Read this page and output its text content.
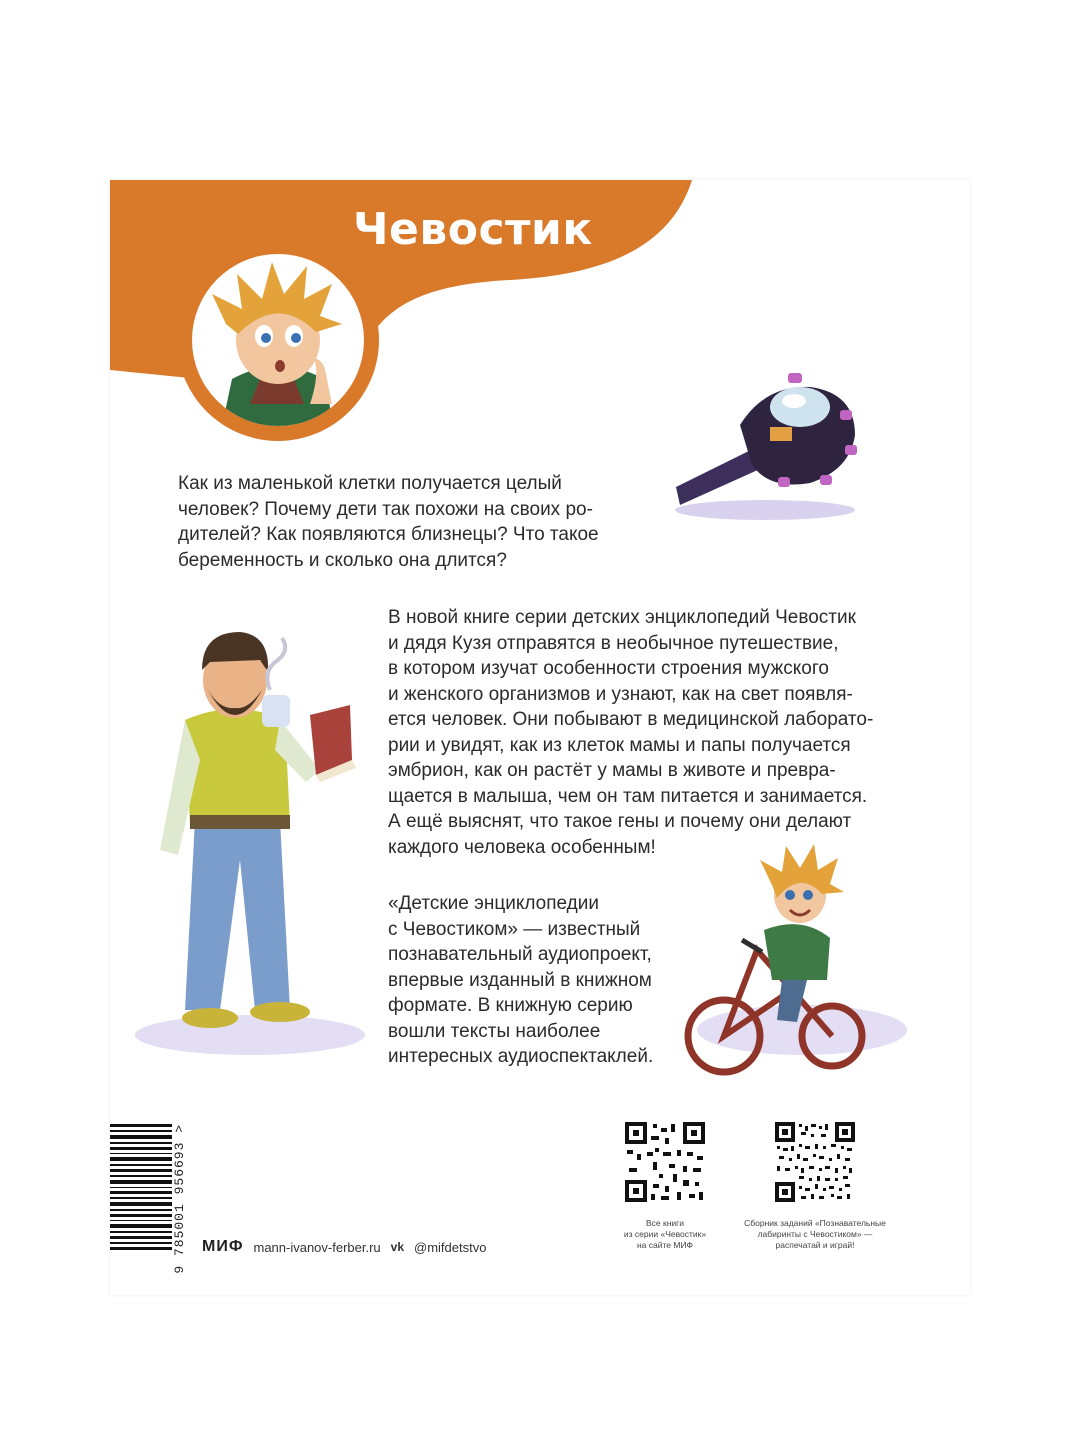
Чевостик

Как из маленькой клетки получается целый
человек? Почему дети так похожи на своих ро-
дителей? Как появляются близнецы? Что такое
беременность и сколько она длится?

В новой книге серии детских энциклопедий Чевостик
и дядя Кузя отправятся в необычное путешествие,
в котором изучат особенности строения мужского
и женского организмов и узнают, как на свет появля-
ется человек. Они побывают в медицинской лаборато-
рии и увидят, как из клеток мамы и папы получается
эмбрион, как он растёт у мамы в животе и превра-
щается в малыша, чем он там питается и занимается.
А ещё выяснят, что такое гены и почему они делают
каждого человека особенным!

«Детские энциклопедии
с Чевостиком» — известный
познавательный аудиопроект,
впервые изданный в книжном
формате. В книжную серию
вошли тексты наиболее
интересных аудиоспектаклей.

9 785001 956693 > МИФ mann-ivanov-ferber.ru vk @mifdetstvo

Все книги
из серии «Чевостик»
на сайте МИФ

Сборник заданий «Познавательные
лабиринты с Чевостиком» —
распечатай и играй!
